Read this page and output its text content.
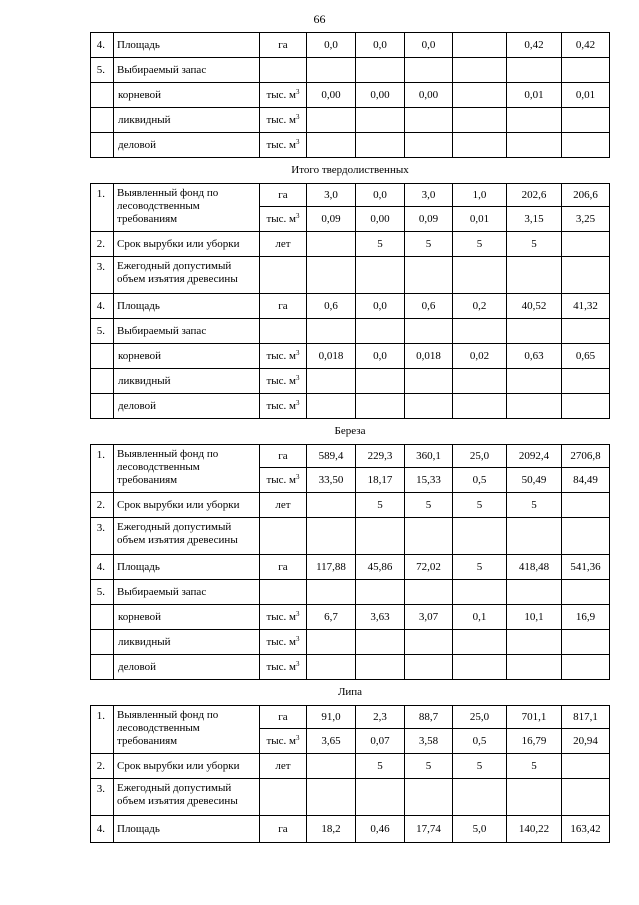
66
4.	Площадь	га	0,0	0,0	0,0		0,42	0,42
5.	Выбираемый запас							
	корневой	тыс. $м^3$	0,00	0,00	0,00		0,01	0,01
	ликвидный	тыс. $м^3$						
	деловой	тыс. $м^3$						
Итого твердолиственных								
1.	Выявленный фонд по
лесоводственным
требованиям	га	3,0	0,0	3,0	1,0	202,6	206,6
		тыс. $м^3$	0,09	0,00	0,09	0,01	3,15	3,25
2.	Срок вырубки или уборки	лет		5	5	5	5	
3.	Ежегодный допустимый
объем изъятия древесины							

4.	Площадь	га	0,6	0,0	0,6	0,2	40,52	41,32
5.	Выбираемый запас							
	корневой	тыс. $м^3$	0,018	0,0	0,018	0,02	0,63	0,65
	ликвидный	тыс. $м^3$						
	деловой	тыс. $м^3$						
Береза								
1.	Выявленный фонд по
лесоводственным
требованиям	га	589,4	229,3	360,1	25,0	2092,4	2706,8
		тыс. $м^3$	33,50	18,17	15,33	0,5	50,49	84,49
2.	Срок вырубки или уборки	лет		5	5	5	5	
3.	Ежегодный допустимый
объем изъятия древесины							

4.	Площадь	га	117,88	45,86	72,02	5	418,48	541,36
5.	Выбираемый запас							
	корневой	тыс. $м^3$	6,7	3,63	3,07	0,1	10,1	16,9
	ликвидный	тыс. $м^3$						
	деловой	тыс. $м^3$						
Липа								
1.	Выявленный фонд по
лесоводственным
требованиям	га	91,0	2,3	88,7	25,0	701,1	817,1
		тыс. $м^3$	3,65	0,07	3,58	0,5	16,79	20,94
2.	Срок вырубки или уборки	лет		5	5	5	5	
3.	Ежегодный допустимый
объем изъятия древесины							

4.	Площадь	га	18,2	0,46	17,74	5,0	140,22	163,42
